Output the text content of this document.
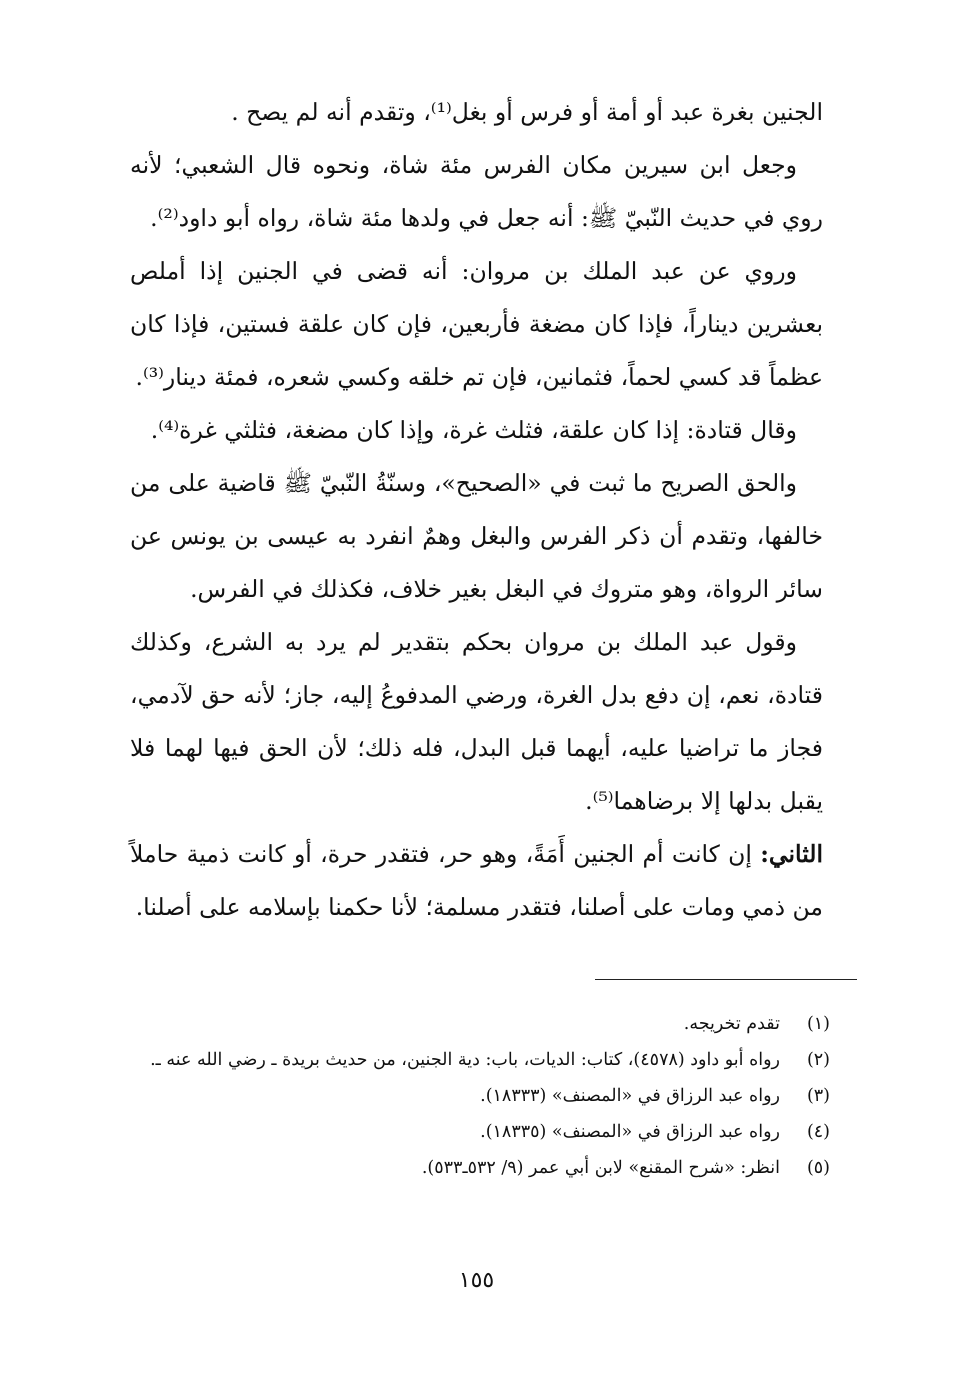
الجنين بغرة عبد أو أمة أو فرس أو بغل⁽¹⁾، وتقدم أنه لم يصح .

وجعل ابن سيرين مكان الفرس مئة شاة، ونحوه قال الشعبي؛ لأنه روي في حديث النّبيّ ﷺ: أنه جعل في ولدها مئة شاة، رواه أبو داود⁽²⁾.

وروي عن عبد الملك بن مروان: أنه قضى في الجنين إذا أملص بعشرين ديناراً، فإذا كان مضغة فأربعين، فإن كان علقة فستين، فإذا كان عظماً قد كسي لحماً، فثمانين، فإن تم خلقه وكسي شعره، فمئة دينار⁽³⁾.

وقال قتادة: إذا كان علقة، فثلث غرة، وإذا كان مضغة، فثلثي غرة⁽⁴⁾.

والحق الصريح ما ثبت في «الصحيح»، وسنّةُ النّبيّ ﷺ قاضية على من خالفها، وتقدم أن ذكر الفرس والبغل وهمٌ انفرد به عيسى بن يونس عن سائر الرواة، وهو متروك في البغل بغير خلاف، فكذلك في الفرس.

وقول عبد الملك بن مروان بحكم بتقدير لم يرد به الشرع، وكذلك قتادة، نعم، إن دفع بدل الغرة، ورضي المدفوعُ إليه، جاز؛ لأنه حق لآدمي، فجاز ما تراضيا عليه، أيهما قبل البدل، فله ذلك؛ لأن الحق فيها لهما فلا يقبل بدلها إلا برضاهما⁽⁵⁾.

الثاني: إن كانت أم الجنين أَمَةً، وهو حر، فتقدر حرة، أو كانت ذمية حاملاً من ذمي ومات على أصلنا، فتقدر مسلمة؛ لأنا حكمنا بإسلامه على أصلنا.

(١)
تقدم تخريجه.
(٢)
رواه أبو داود (٤٥٧٨)، كتاب: الديات، باب: دية الجنين، من حديث بريدة ـ رضي الله عنه ـ.
(٣)
رواه عبد الرزاق في «المصنف» (١٨٣٣٣).
(٤)
رواه عبد الرزاق في «المصنف» (١٨٣٣٥).
(٥)
انظر: «شرح المقنع» لابن أبي عمر (٩/ ٥٣٢ـ٥٣٣).
١٥٥
